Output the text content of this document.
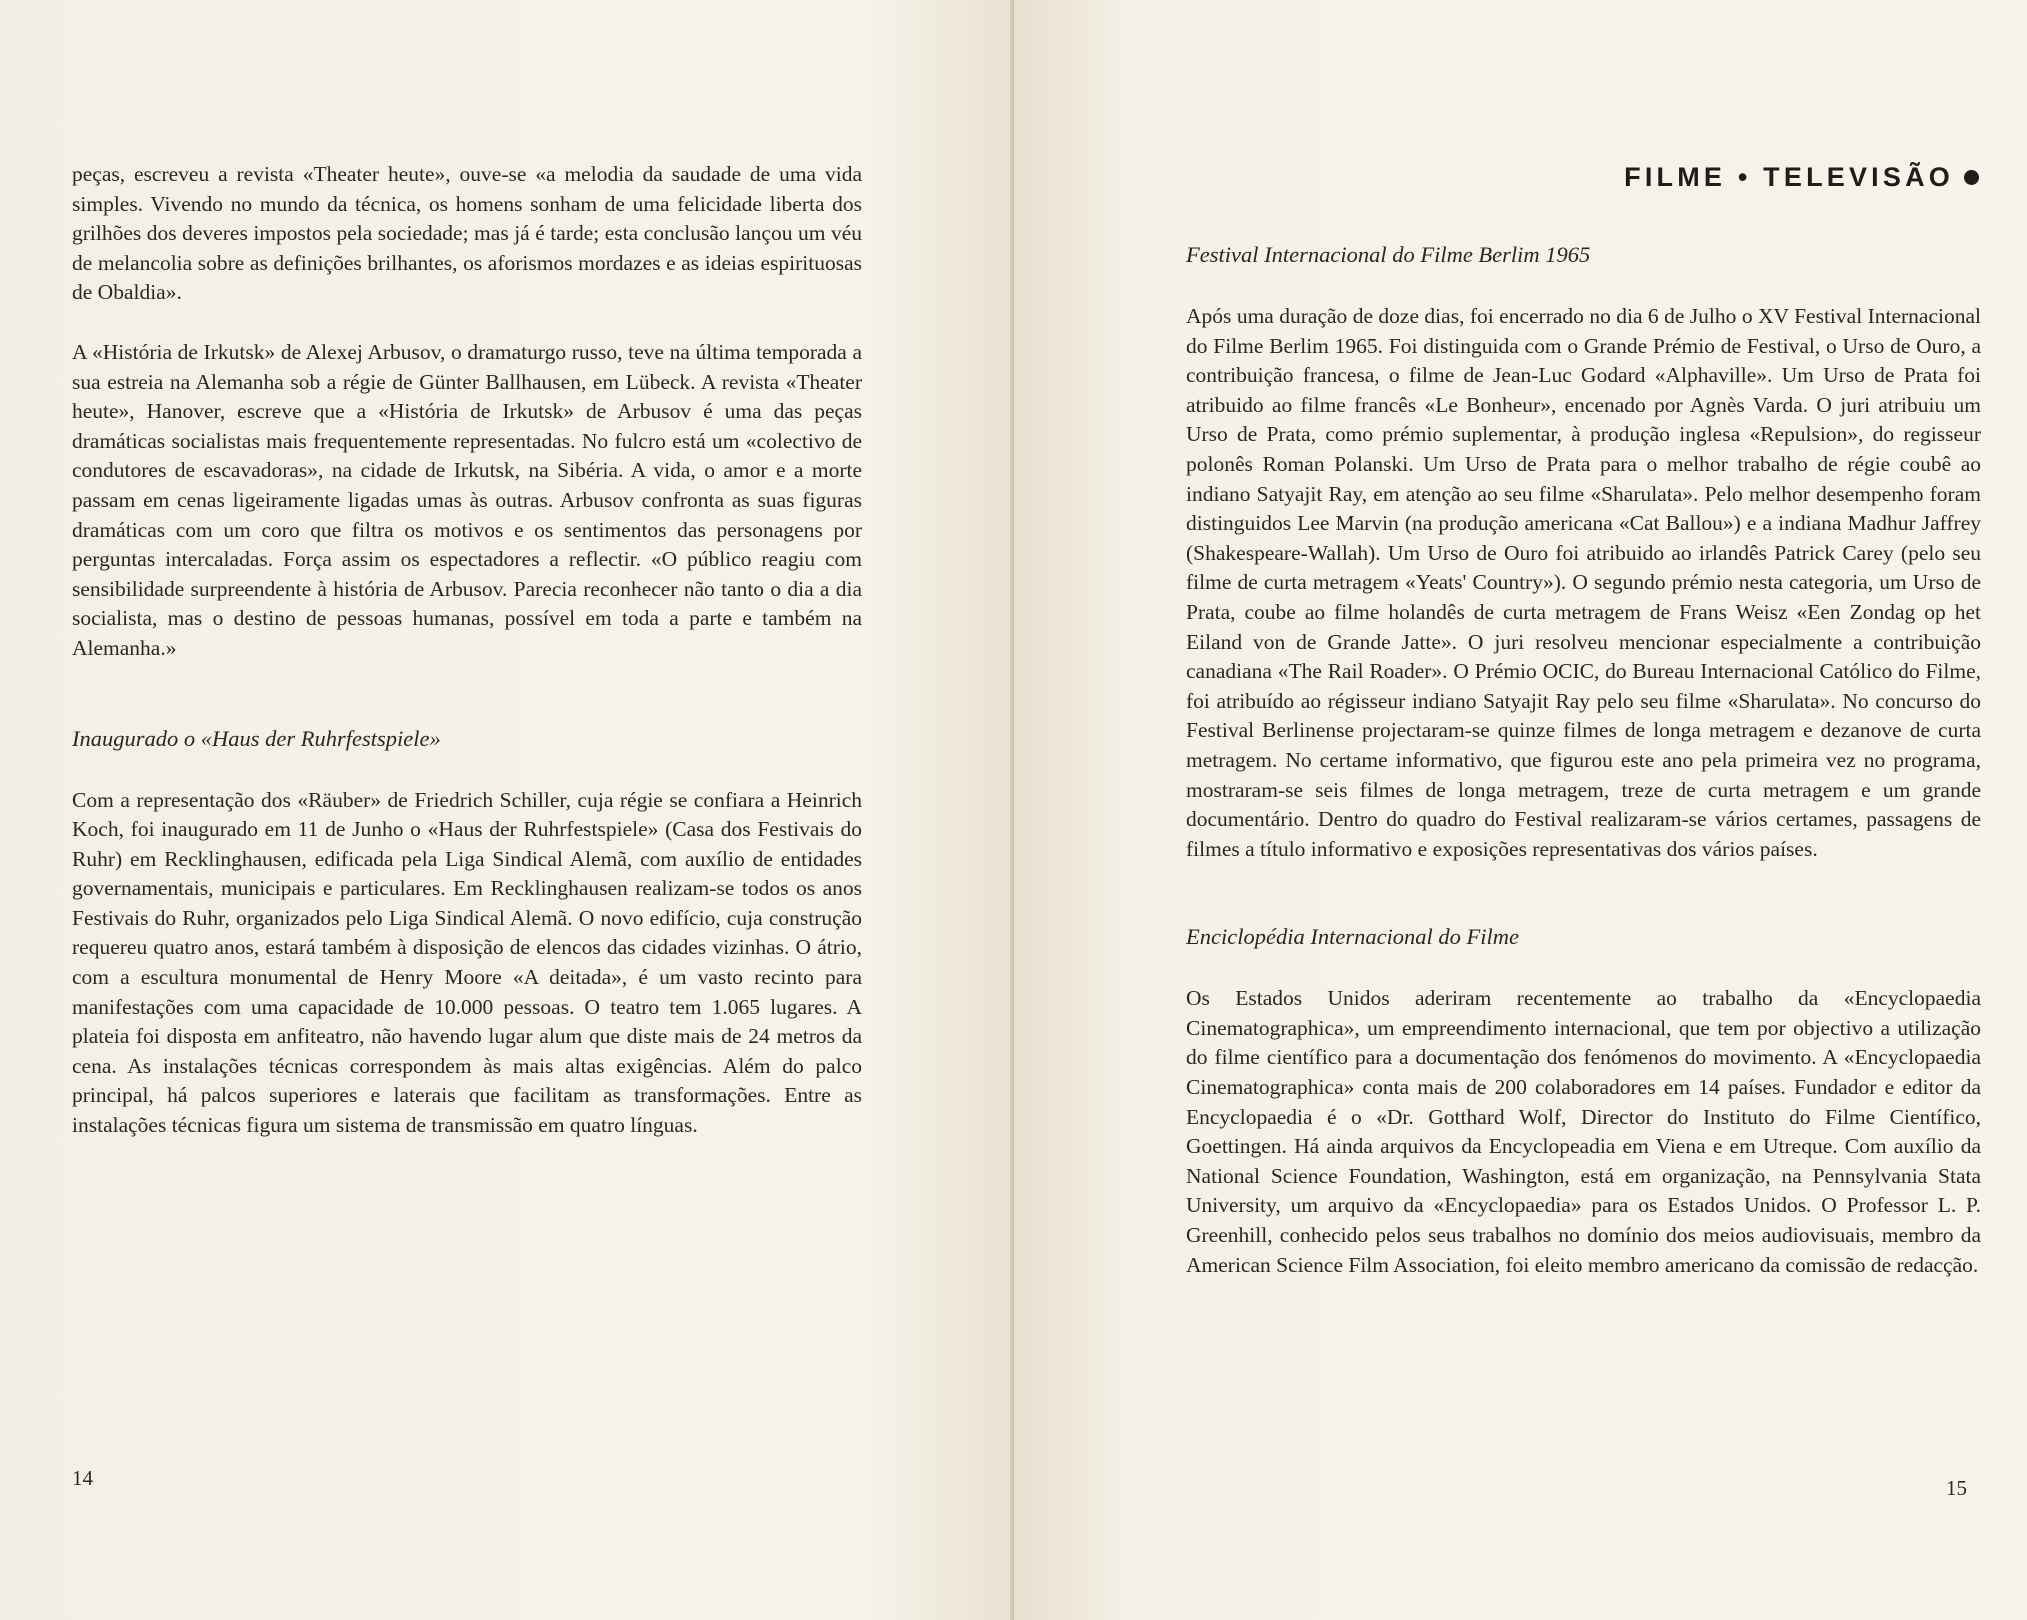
peças, escreveu a revista «Theater heute», ouve-se «a melodia da saudade de uma vida simples. Vivendo no mundo da técnica, os homens sonham de uma felicidade liberta dos grilhões dos deveres impostos pela sociedade; mas já é tarde; esta conclusão lançou um véu de melancolia sobre as definições brilhantes, os aforismos mordazes e as ideias espirituosas de Obaldia».

A «História de Irkutsk» de Alexej Arbusov, o dramaturgo russo, teve na última temporada a sua estreia na Alemanha sob a régie de Günter Ballhausen, em Lübeck. A revista «Theater heute», Hanover, escreve que a «História de Irkutsk» de Arbusov é uma das peças dramáticas socialistas mais frequentemente representadas. No fulcro está um «colectivo de condutores de escavadoras», na cidade de Irkutsk, na Sibéria. A vida, o amor e a morte passam em cenas ligeiramente ligadas umas às outras. Arbusov confronta as suas figuras dramáticas com um coro que filtra os motivos e os sentimentos das personagens por perguntas intercaladas. Força assim os espectadores a reflectir. «O público reagiu com sensibilidade surpreendente à história de Arbusov. Parecia reconhecer não tanto o dia a dia socialista, mas o destino de pessoas humanas, possível em toda a parte e também na Alemanha.»

Inaugurado o «Haus der Ruhrfestspiele»

Com a representação dos «Räuber» de Friedrich Schiller, cuja régie se confiara a Heinrich Koch, foi inaugurado em 11 de Junho o «Haus der Ruhrfestspiele» (Casa dos Festivais do Ruhr) em Recklinghausen, edificada pela Liga Sindical Alemã, com auxílio de entidades governamentais, municipais e particulares. Em Recklinghausen realizam-se todos os anos Festivais do Ruhr, organizados pelo Liga Sindical Alemã. O novo edifício, cuja construção requereu quatro anos, estará também à disposição de elencos das cidades vizinhas. O átrio, com a escultura monumental de Henry Moore «A deitada», é um vasto recinto para manifestações com uma capacidade de 10.000 pessoas. O teatro tem 1.065 lugares. A plateia foi disposta em anfiteatro, não havendo lugar alum que diste mais de 24 metros da cena. As instalações técnicas correspondem às mais altas exigências. Além do palco principal, há palcos superiores e laterais que facilitam as transformações. Entre as instalações técnicas figura um sistema de transmissão em quatro línguas.

14
FILME • TELEVISÃO
Festival Internacional do Filme Berlim 1965

Após uma duração de doze dias, foi encerrado no dia 6 de Julho o XV Festival Internacional do Filme Berlim 1965. Foi distinguida com o Grande Prémio de Festival, o Urso de Ouro, a contribuição francesa, o filme de Jean-Luc Godard «Alphaville». Um Urso de Prata foi atribuido ao filme francês «Le Bonheur», encenado por Agnès Varda. O juri atribuiu um Urso de Prata, como prémio suplementar, à produção inglesa «Repulsion», do regisseur polonês Roman Polanski. Um Urso de Prata para o melhor trabalho de régie coubê ao indiano Satyajit Ray, em atenção ao seu filme «Sharulata». Pelo melhor desempenho foram distinguidos Lee Marvin (na produção americana «Cat Ballou») e a indiana Madhur Jaffrey (Shakespeare-Wallah). Um Urso de Ouro foi atribuido ao irlandês Patrick Carey (pelo seu filme de curta metragem «Yeats' Country»). O segundo prémio nesta categoria, um Urso de Prata, coube ao filme holandês de curta metragem de Frans Weisz «Een Zondag op het Eiland von de Grande Jatte». O juri resolveu mencionar especialmente a contribuição canadiana «The Rail Roader». O Prémio OCIC, do Bureau Internacional Católico do Filme, foi atribuído ao régisseur indiano Satyajit Ray pelo seu filme «Sharulata». No concurso do Festival Berlinense projectaram-se quinze filmes de longa metragem e dezanove de curta metragem. No certame informativo, que figurou este ano pela primeira vez no programa, mostraram-se seis filmes de longa metragem, treze de curta metragem e um grande documentário. Dentro do quadro do Festival realizaram-se vários certames, passagens de filmes a título informativo e exposições representativas dos vários países.

Enciclopédia Internacional do Filme

Os Estados Unidos aderiram recentemente ao trabalho da «Encyclopaedia Cinematographica», um empreendimento internacional, que tem por objectivo a utilização do filme científico para a documentação dos fenómenos do movimento. A «Encyclopaedia Cinematographica» conta mais de 200 colaboradores em 14 países. Fundador e editor da Encyclopaedia é o «Dr. Gotthard Wolf, Director do Instituto do Filme Científico, Goettingen. Há ainda arquivos da Encyclopeadia em Viena e em Utreque. Com auxílio da National Science Foundation, Washington, está em organização, na Pennsylvania Stata University, um arquivo da «Encyclopaedia» para os Estados Unidos. O Professor L. P. Greenhill, conhecido pelos seus trabalhos no domínio dos meios audiovisuais, membro da American Science Film Association, foi eleito membro americano da comissão de redacção.

15
